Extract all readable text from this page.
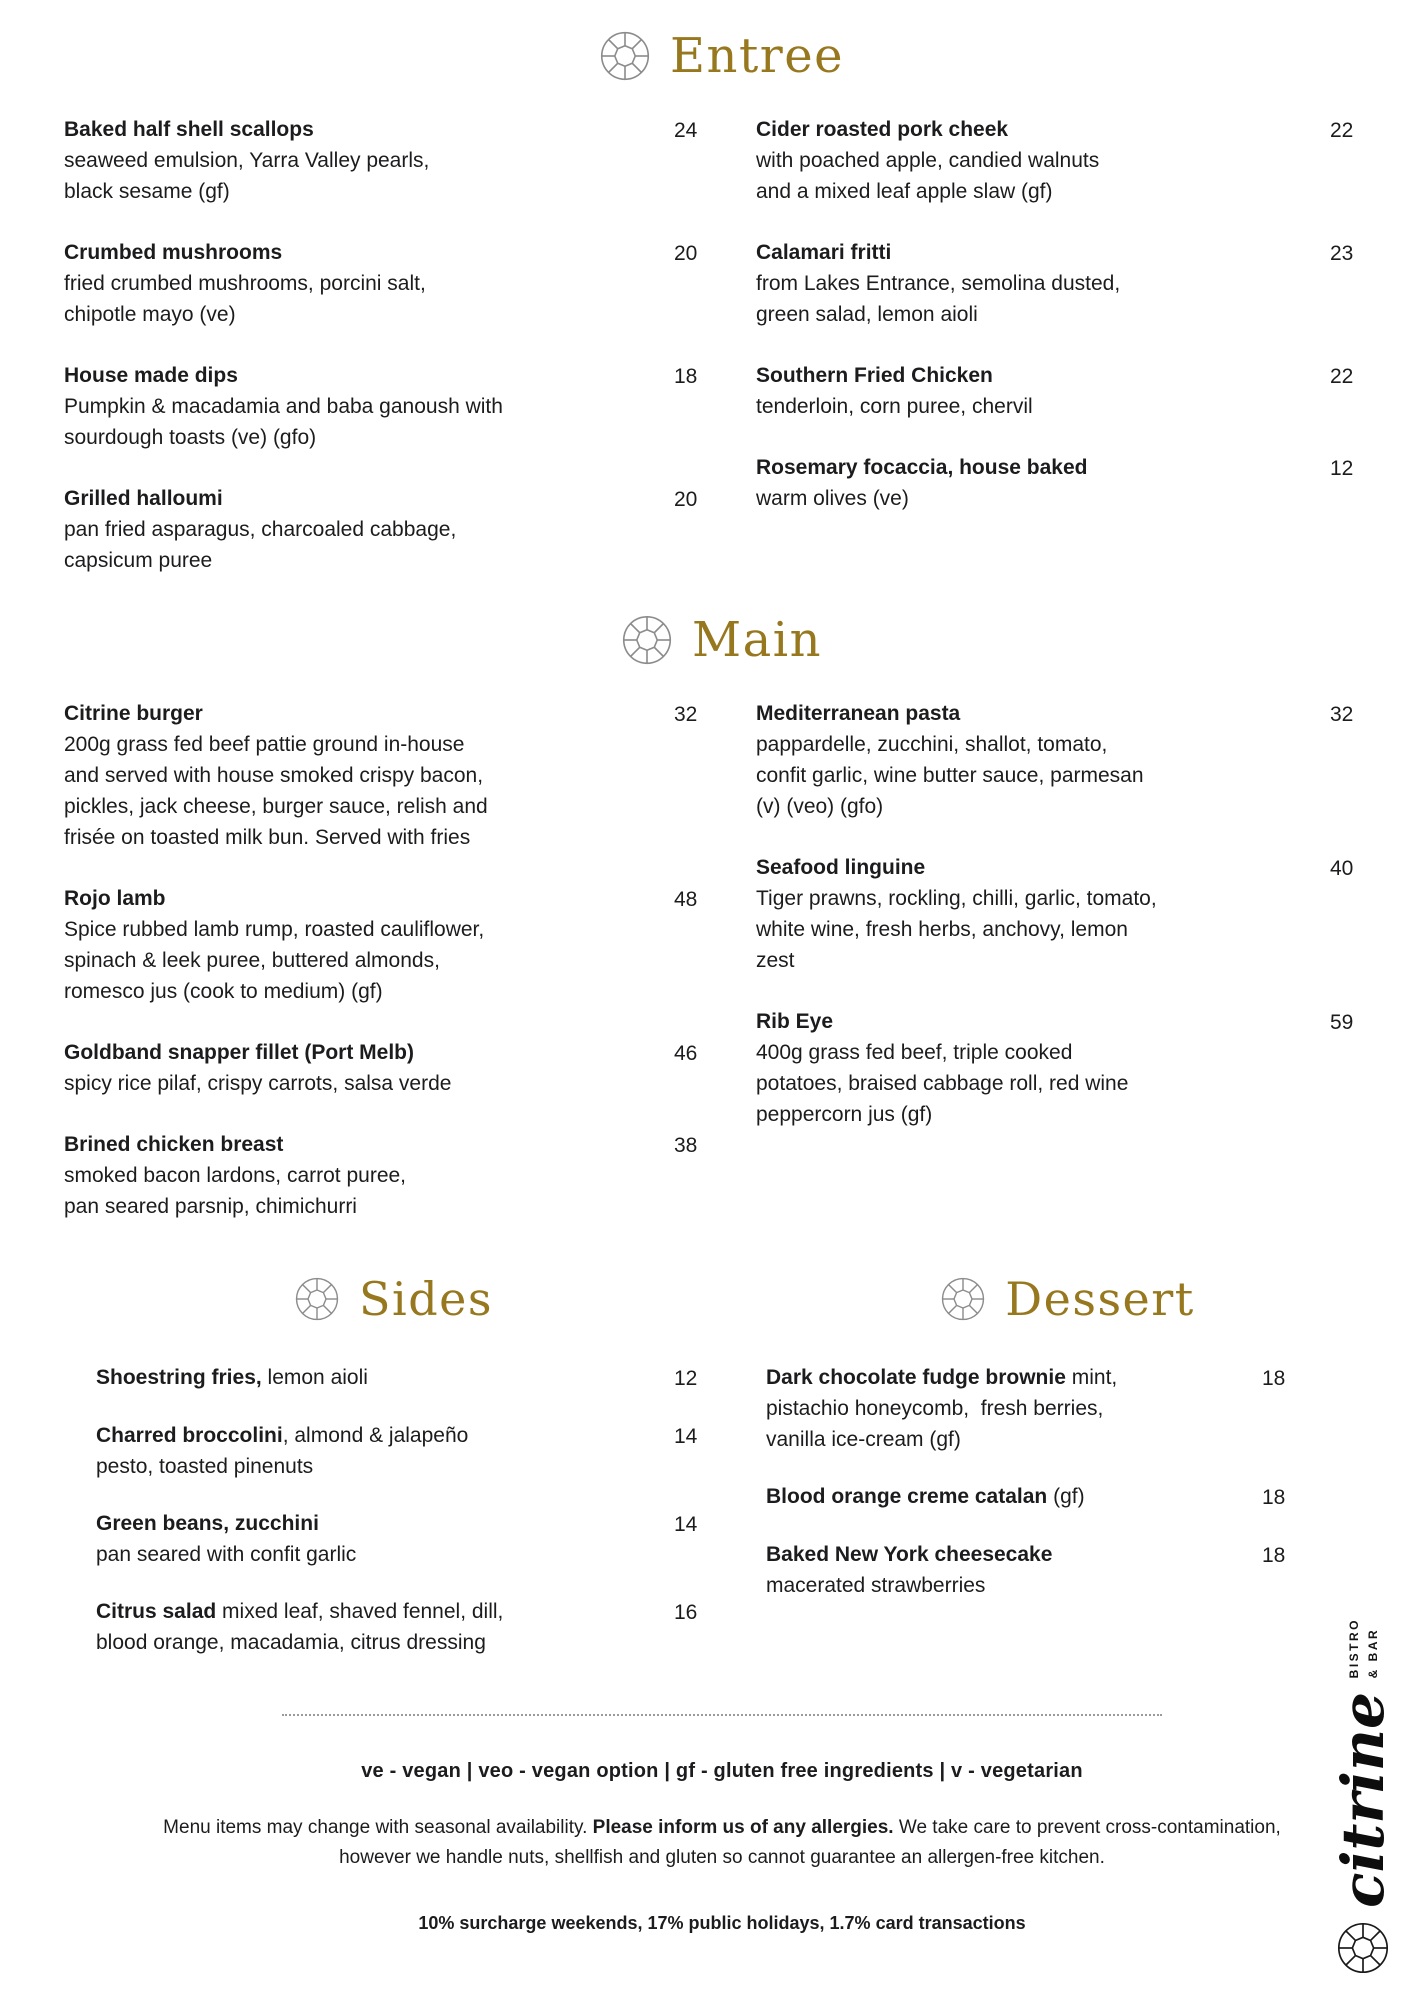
Entree
Baked half shell scallops
seaweed emulsion, Yarra Valley pearls,
black sesame (gf)
24
Crumbed mushrooms
fried crumbed mushrooms, porcini salt,
chipotle mayo (ve)
20
House made dips
Pumpkin & macadamia and baba ganoush with
sourdough toasts (ve) (gfo)
18
Grilled halloumi
pan fried asparagus, charcoaled cabbage,
capsicum puree
20
Cider roasted pork cheek
with poached apple, candied walnuts
and a mixed leaf apple slaw (gf)
22
Calamari fritti
from Lakes Entrance, semolina dusted,
green salad, lemon aioli
23
Southern Fried Chicken
tenderloin, corn puree, chervil
22
Rosemary focaccia, house baked
warm olives (ve)
12
Main
Citrine burger
200g grass fed beef pattie ground in-house
and served with house smoked crispy bacon,
pickles, jack cheese, burger sauce, relish and
frisée on toasted milk bun. Served with fries
32
Rojo lamb
Spice rubbed lamb rump, roasted cauliflower,
spinach & leek puree, buttered almonds,
romesco jus (cook to medium) (gf)
48
Goldband snapper fillet (Port Melb)
spicy rice pilaf, crispy carrots, salsa verde
46
Brined chicken breast
smoked bacon lardons, carrot puree,
pan seared parsnip, chimichurri
38
Mediterranean pasta
pappardelle, zucchini, shallot, tomato,
confit garlic, wine butter sauce, parmesan
(v) (veo) (gfo)
32
Seafood linguine
Tiger prawns, rockling, chilli, garlic, tomato,
white wine, fresh herbs, anchovy, lemon
zest
40
Rib Eye
400g grass fed beef, triple cooked
potatoes, braised cabbage roll, red wine
peppercorn jus (gf)
59
Sides
Shoestring fries, lemon aioli	12
Charred broccolini, almond & jalapeño
pesto, toasted pinenuts
14
Green beans, zucchini
pan seared with confit garlic
14
Citrus salad mixed leaf, shaved fennel, dill,
blood orange, macadamia, citrus dressing
16
Dessert
Dark chocolate fudge brownie mint,
pistachio honeycomb,  fresh berries,
vanilla ice-cream (gf)
18
Blood orange creme catalan (gf)	18
Baked New York cheesecake
macerated strawberries
18

ve - vegan | veo - vegan option | gf - gluten free ingredients | v - vegetarian

Menu items may change with seasonal availability. Please inform us of any allergies. We take care to prevent cross-contamination, however we handle nuts, shellfish and gluten so cannot guarantee an allergen-free kitchen.

10% surcharge weekends, 17% public holidays, 1.7% card transactions

BISTRO & BAR
citrine
